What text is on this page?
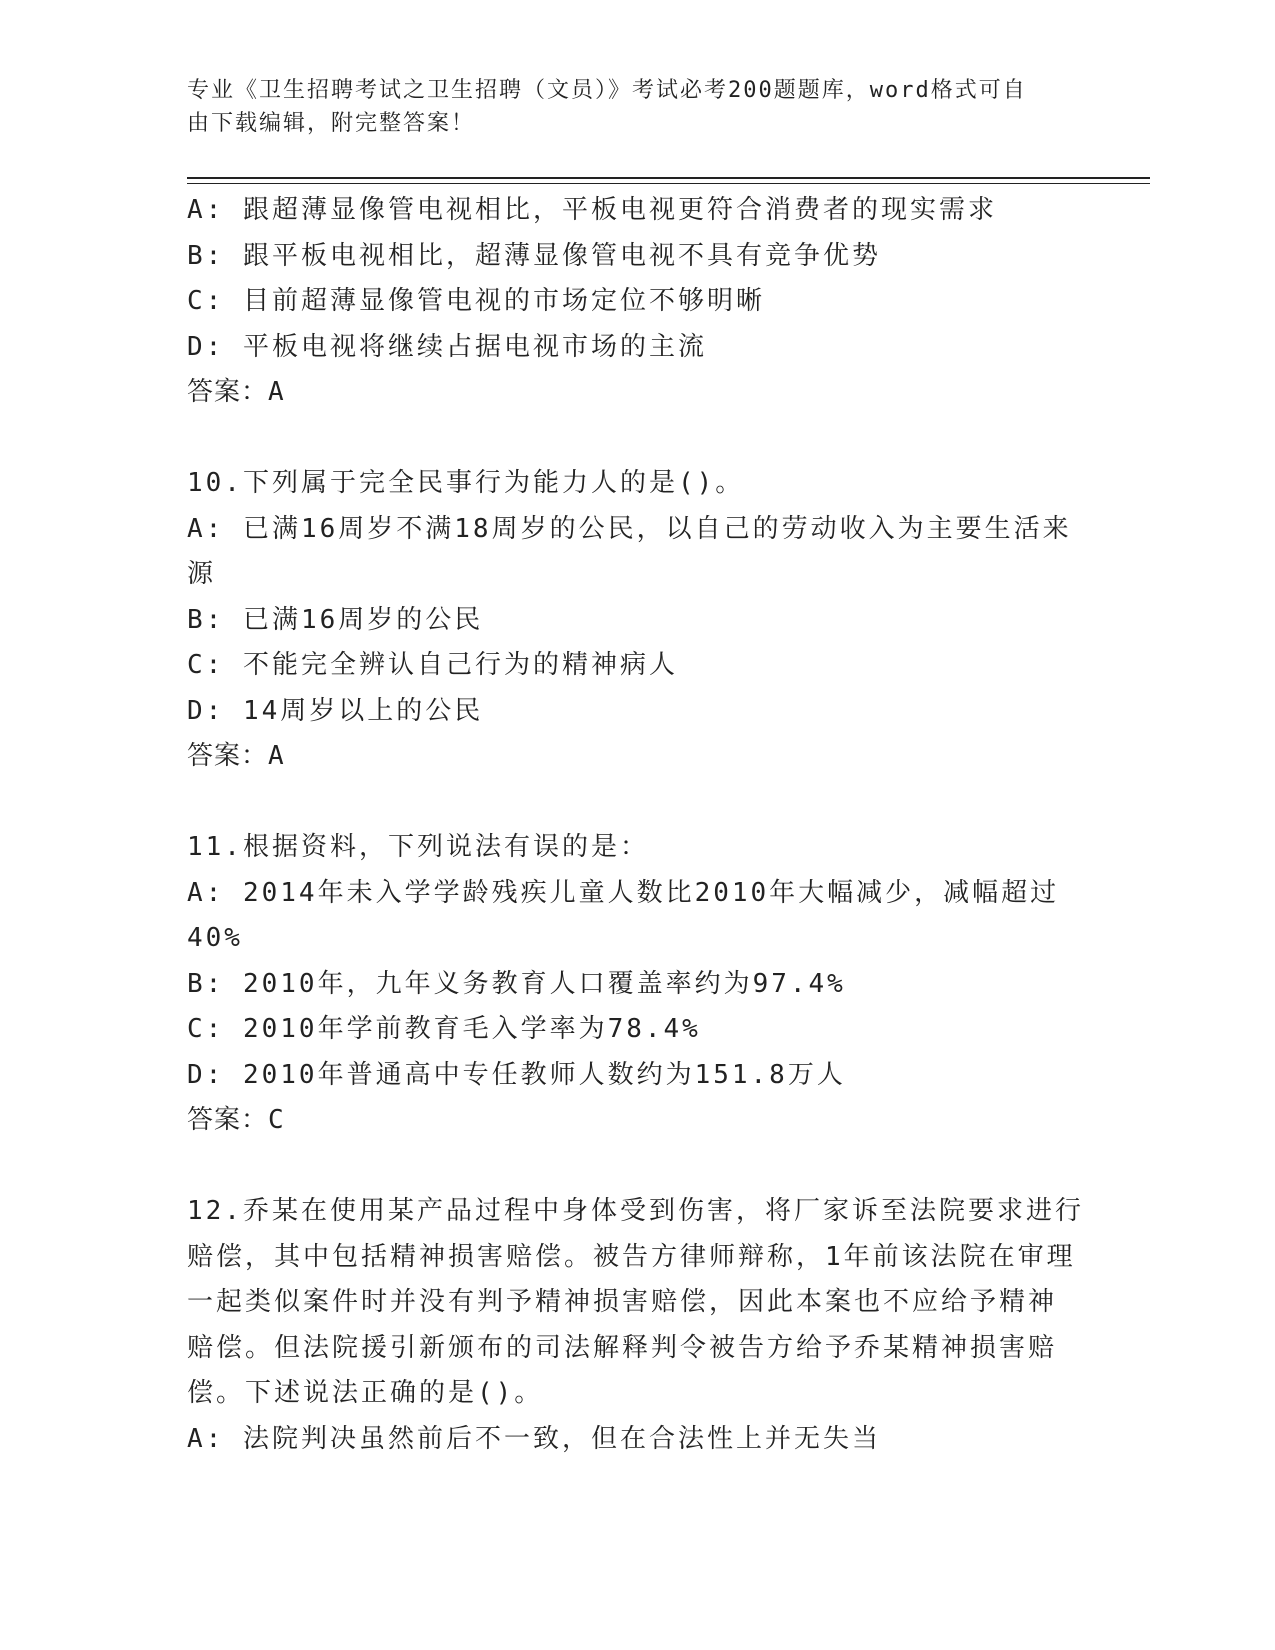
专业《卫生招聘考试之卫生招聘（文员）》考试必考200题题库，word格式可自
由下载编辑，附完整答案！
A: 跟超薄显像管电视相比，平板电视更符合消费者的现实需求
B: 跟平板电视相比，超薄显像管电视不具有竞争优势
C: 目前超薄显像管电视的市场定位不够明晰
D: 平板电视将继续占据电视市场的主流
答案：A
10.下列属于完全民事行为能力人的是()。
A: 已满16周岁不满18周岁的公民，以自己的劳动收入为主要生活来
源
B: 已满16周岁的公民
C: 不能完全辨认自己行为的精神病人
D: 14周岁以上的公民
答案：A
11.根据资料，下列说法有误的是：
A: 2014年未入学学龄残疾儿童人数比2010年大幅减少，减幅超过
40%
B: 2010年，九年义务教育人口覆盖率约为97.4%
C: 2010年学前教育毛入学率为78.4%
D: 2010年普通高中专任教师人数约为151.8万人
答案：C
12.乔某在使用某产品过程中身体受到伤害，将厂家诉至法院要求进行
赔偿，其中包括精神损害赔偿。被告方律师辩称，1年前该法院在审理
一起类似案件时并没有判予精神损害赔偿，因此本案也不应给予精神
赔偿。但法院援引新颁布的司法解释判令被告方给予乔某精神损害赔
偿。下述说法正确的是()。
A: 法院判决虽然前后不一致，但在合法性上并无失当
